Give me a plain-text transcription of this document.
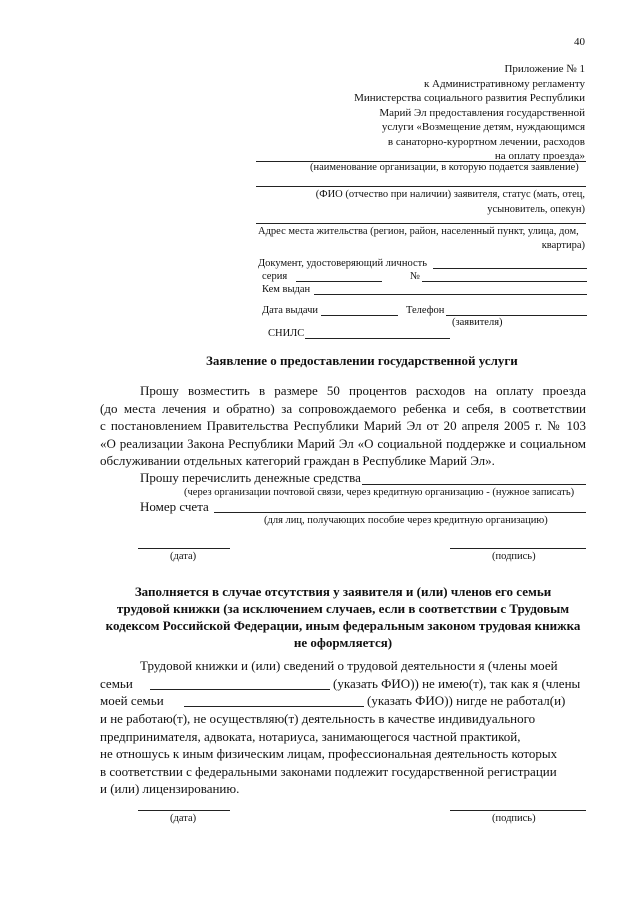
40
Приложение № 1
к Административному регламенту
Министерства социального развития Республики
Марий Эл предоставления государственной
услуги «Возмещение детям, нуждающимся
в санаторно-курортном лечении, расходов
на оплату проезда»
(наименование организации, в которую подается заявление)
(ФИО (отчество при наличии) заявителя, статус (мать, отец,
усыновитель, опекун)
Адрес места жительства (регион, район, населенный пункт, улица, дом,
квартира)
Документ, удостоверяющий личность
серия	№
Кем выдан
Дата выдачи	Телефон
(заявителя)
СНИЛС
Заявление о предоставлении государственной услуги
Прошу возместить в размере 50 процентов расходов на оплату проезда
(до места лечения и обратно) за сопровождаемого ребенка и себя, в соответствии
с постановлением Правительства Республики Марий Эл от 20 апреля 2005 г. № 103
«О реализации Закона Республики Марий Эл «О социальной поддержке и социальном
обслуживании отдельных категорий граждан в Республике Марий Эл».
Прошу перечислить денежные средства
(через организации почтовой связи, через кредитную организацию - (нужное записать)
Номер счета
(для лиц, получающих пособие через кредитную организацию)
(дата)	(подпись)
Заполняется в случае отсутствия у заявителя и (или) членов его семьи
трудовой книжки (за исключением случаев, если в соответствии с Трудовым
кодексом Российской Федерации, иным федеральным законом трудовая книжка
не оформляется)
Трудовой книжки и (или) сведений о трудовой деятельности я (члены моей
семьи	(указать ФИО)) не имею(т), так как я (члены
моей семьи	(указать ФИО)) нигде не работал(и)
и не работаю(т), не осуществляю(т) деятельность в качестве индивидуального
предпринимателя, адвоката, нотариуса, занимающегося частной практикой,
не отношусь к иным физическим лицам, профессиональная деятельность которых
в соответствии с федеральными законами подлежит государственной регистрации
и (или) лицензированию.
(дата)	(подпись)
